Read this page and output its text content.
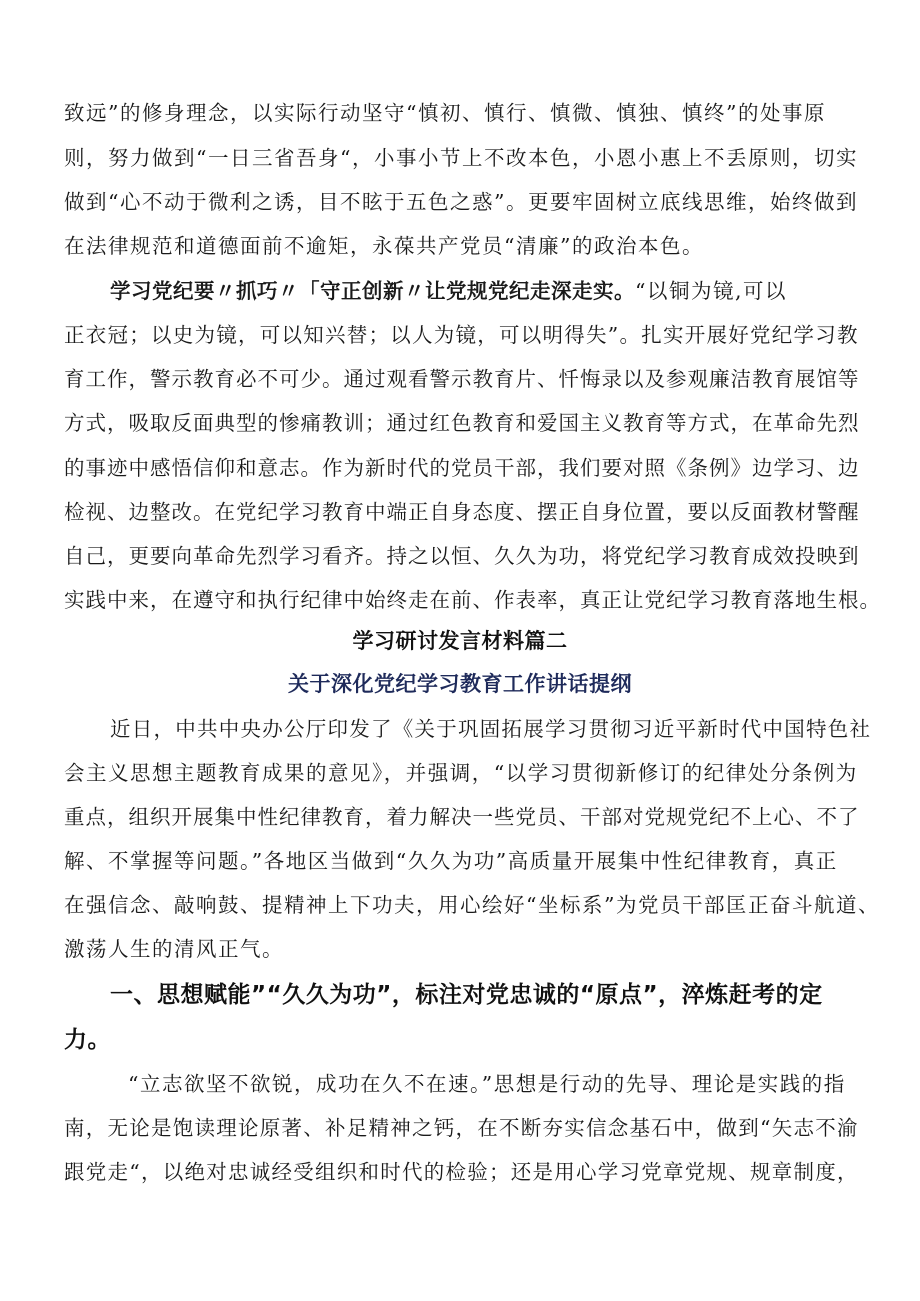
致远”的修身理念，以实际行动坚守“慎初、慎行、慎微、慎独、慎终”的处事原
则，努力做到“一日三省吾身“，小事小节上不改本色，小恩小惠上不丢原则，切实
做到“心不动于微利之诱，目不眩于五色之惑”。更要牢固树立底线思维，始终做到
在法律规范和道德面前不逾矩，永葆共产党员“清廉”的政治本色。
学习党纪要〃抓巧〃「守正创新〃让党规党纪走深走实。“以铜为镜,可以
正衣冠；以史为镜，可以知兴替；以人为镜，可以明得失”。扎实开展好党纪学习教
育工作，警示教育必不可少。通过观看警示教育片、忏悔录以及参观廉洁教育展馆等
方式，吸取反面典型的惨痛教训；通过红色教育和爱国主义教育等方式，在革命先烈
的事迹中感悟信仰和意志。作为新时代的党员干部，我们要对照《条例》边学习、边
检视、边整改。在党纪学习教育中端正自身态度、摆正自身位置，要以反面教材警醒
自己，更要向革命先烈学习看齐。持之以恒、久久为功，将党纪学习教育成效投映到
实践中来，在遵守和执行纪律中始终走在前、作表率，真正让党纪学习教育落地生根。
学习研讨发言材料篇二
关于深化党纪学习教育工作讲话提纲
近日，中共中央办公厅印发了《关于巩固拓展学习贯彻习近平新时代中国特色社
会主义思想主题教育成果的意见》，并强调，“以学习贯彻新修订的纪律处分条例为
重点，组织开展集中性纪律教育，着力解决一些党员、干部对党规党纪不上心、不了
解、不掌握等问题。”各地区当做到“久久为功”高质量开展集中性纪律教育，真正
在强信念、敲响鼓、提精神上下功夫，用心绘好“坐标系”为党员干部匡正奋斗航道、
激荡人生的清风正气。
一、思想赋能”“久久为功”，标注对党忠诚的“原点”，淬炼赶考的定
力。
“立志欲坚不欲锐，成功在久不在速。”思想是行动的先导、理论是实践的指
南，无论是饱读理论原著、补足精神之钙，在不断夯实信念基石中，做到“矢志不渝
跟党走“，以绝对忠诚经受组织和时代的检验；还是用心学习党章党规、规章制度，
